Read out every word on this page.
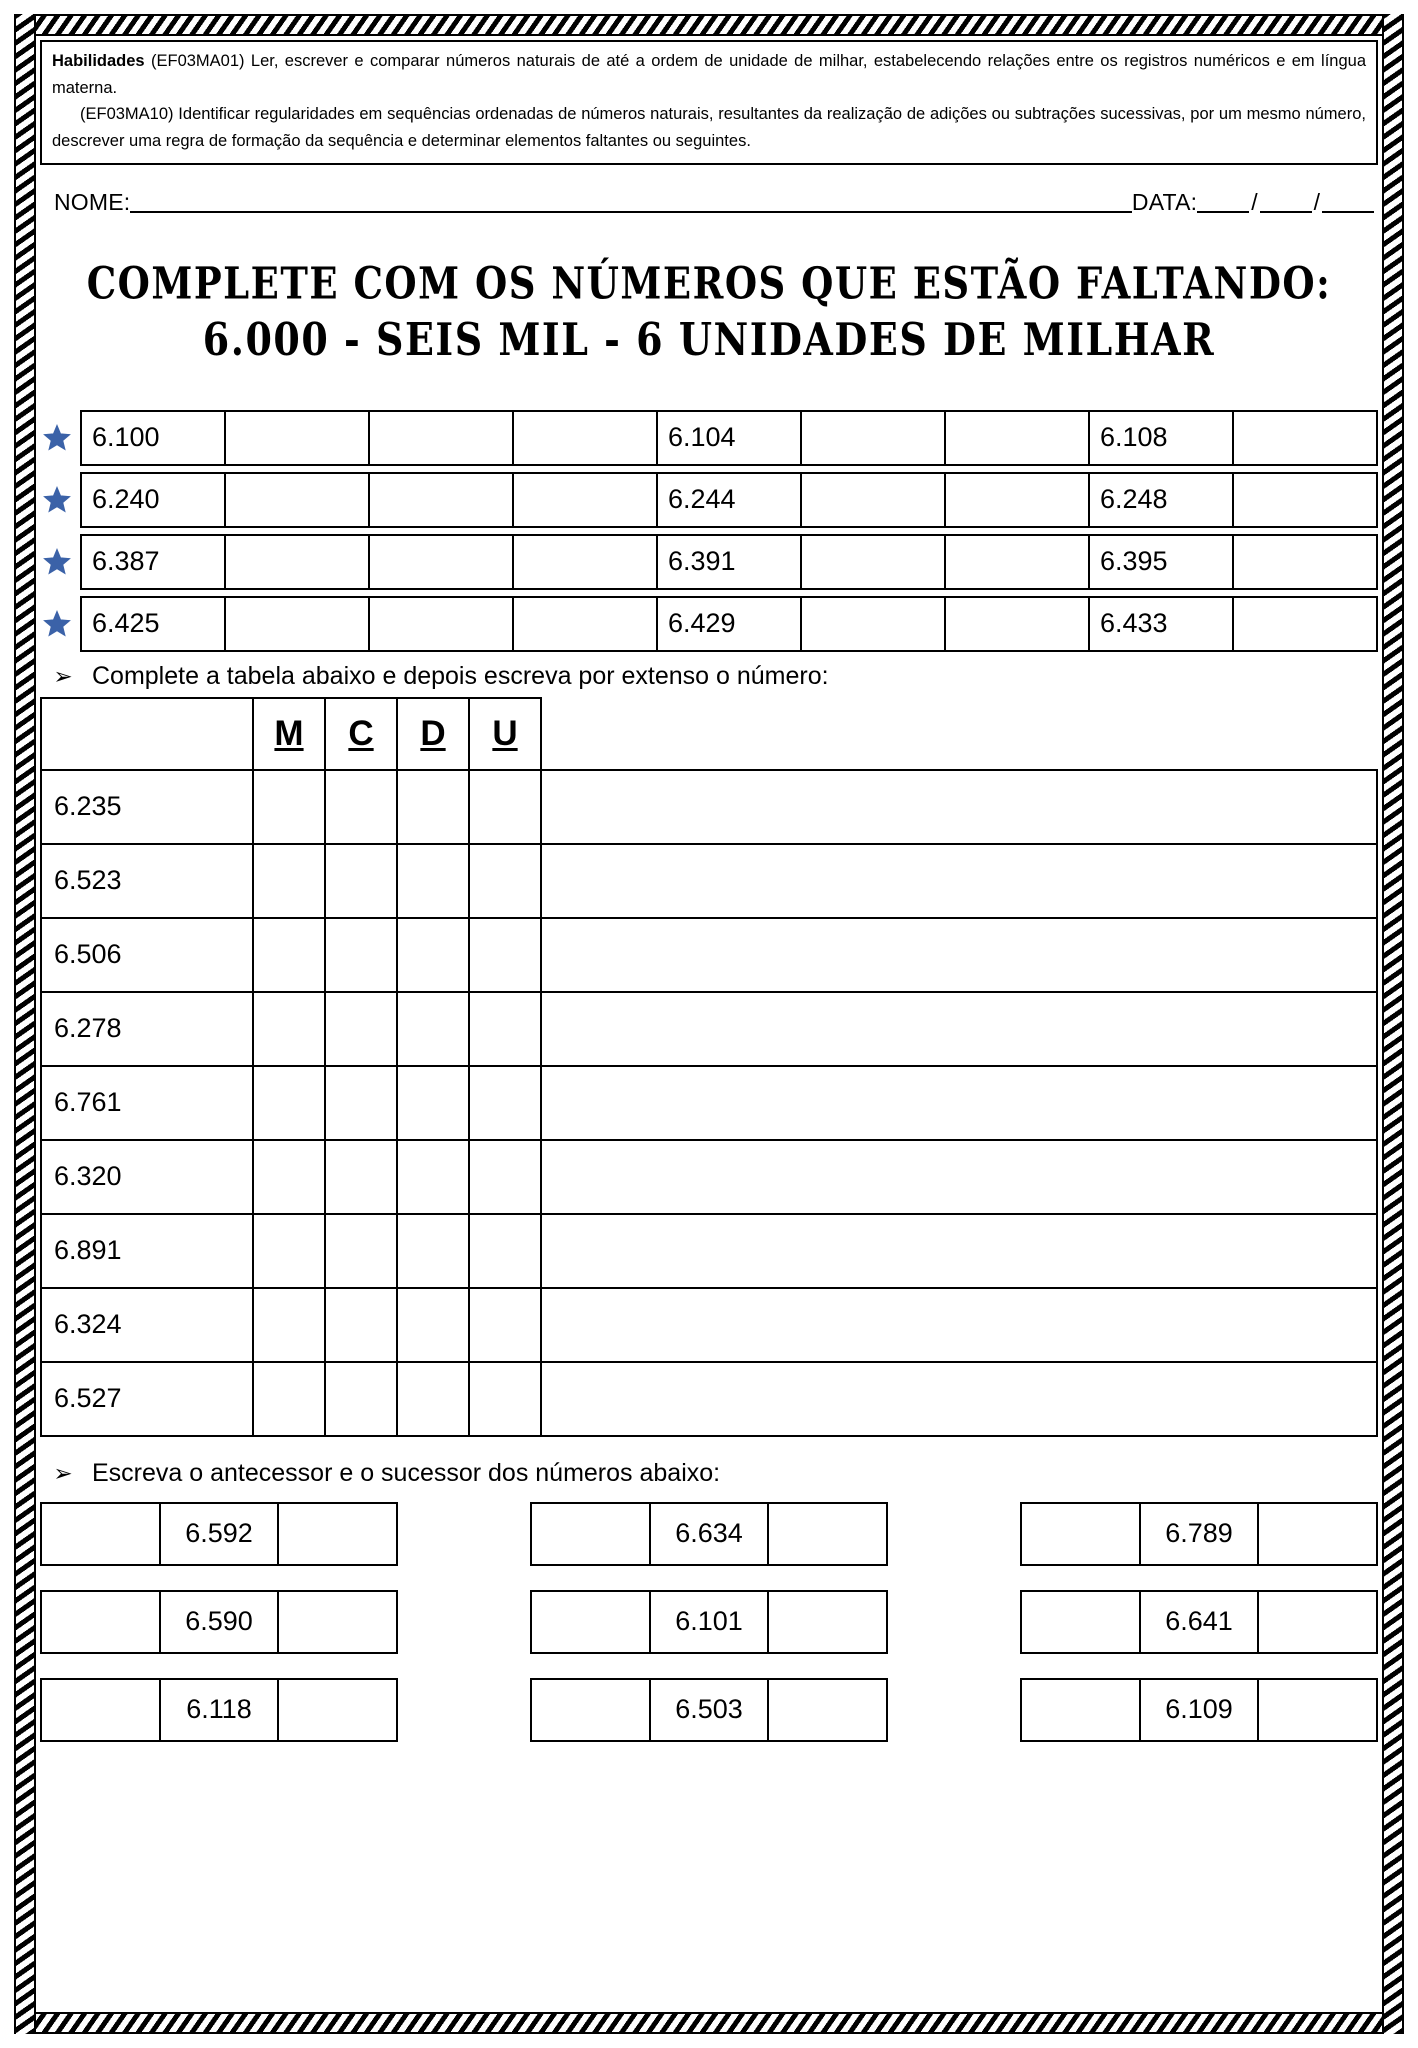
Habilidades (EF03MA01) Ler, escrever e comparar números naturais de até a ordem de unidade de milhar, estabelecendo relações entre os registros numéricos e em língua materna.

(EF03MA10) Identificar regularidades em sequências ordenadas de números naturais, resultantes da realização de adições ou subtrações sucessivas, por um mesmo número, descrever uma regra de formação da sequência e determinar elementos faltantes ou seguintes.

NOME:	DATA: / /
COMPLETE COM OS NÚMEROS QUE ESTÃO FALTANDO:
6.000 - SEIS MIL - 6 UNIDADES DE MILHAR
6.100	6.104	6.108
6.240	6.244	6.248
6.387	6.391	6.395
6.425	6.429	6.433
➢ Complete a tabela abaixo e depois escreva por extenso o número:
	M	C	D	U	
6.235					
6.523					
6.506					
6.278					
6.761					
6.320					
6.891					
6.324					
6.527					
➢ Escreva o antecessor e o sucessor dos números abaixo:
6.592	6.634	6.789
6.590	6.101	6.641
6.118	6.503	6.109
